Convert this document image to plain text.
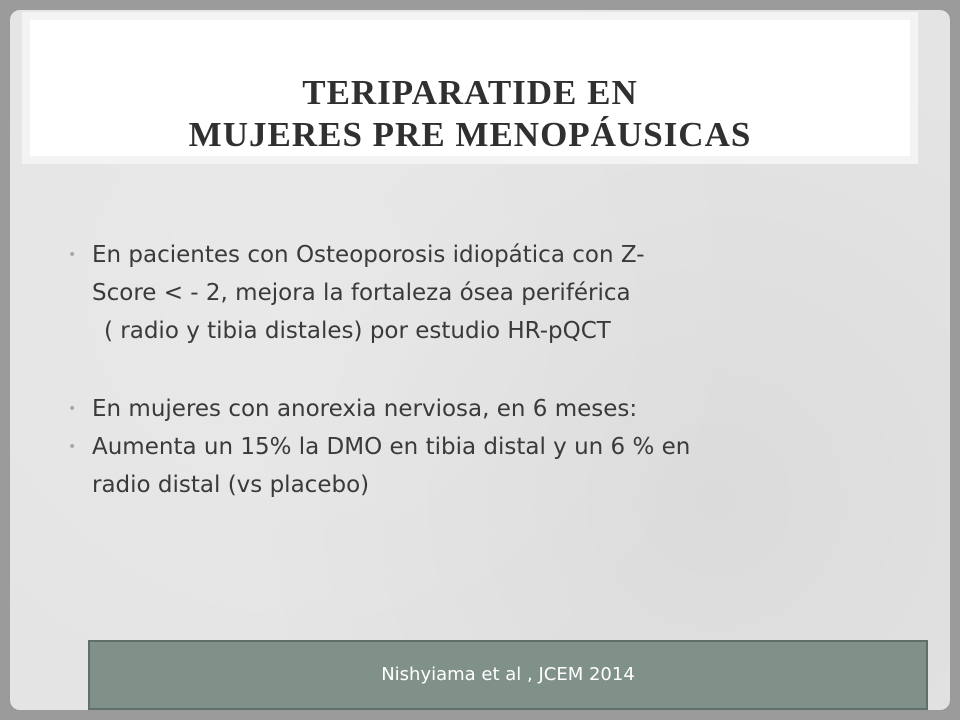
TERIPARATIDE EN
MUJERES PRE MENOPÁUSICAS
• En pacientes con Osteoporosis idiopática con Z-
Score < - 2, mejora la fortaleza ósea periférica
( radio y tibia distales) por estudio HR-pQCT
• En mujeres con anorexia nerviosa, en 6 meses:
• Aumenta un 15% la DMO en tibia distal y un 6 % en
radio distal (vs placebo)
Nishyiama et al , JCEM 2014
